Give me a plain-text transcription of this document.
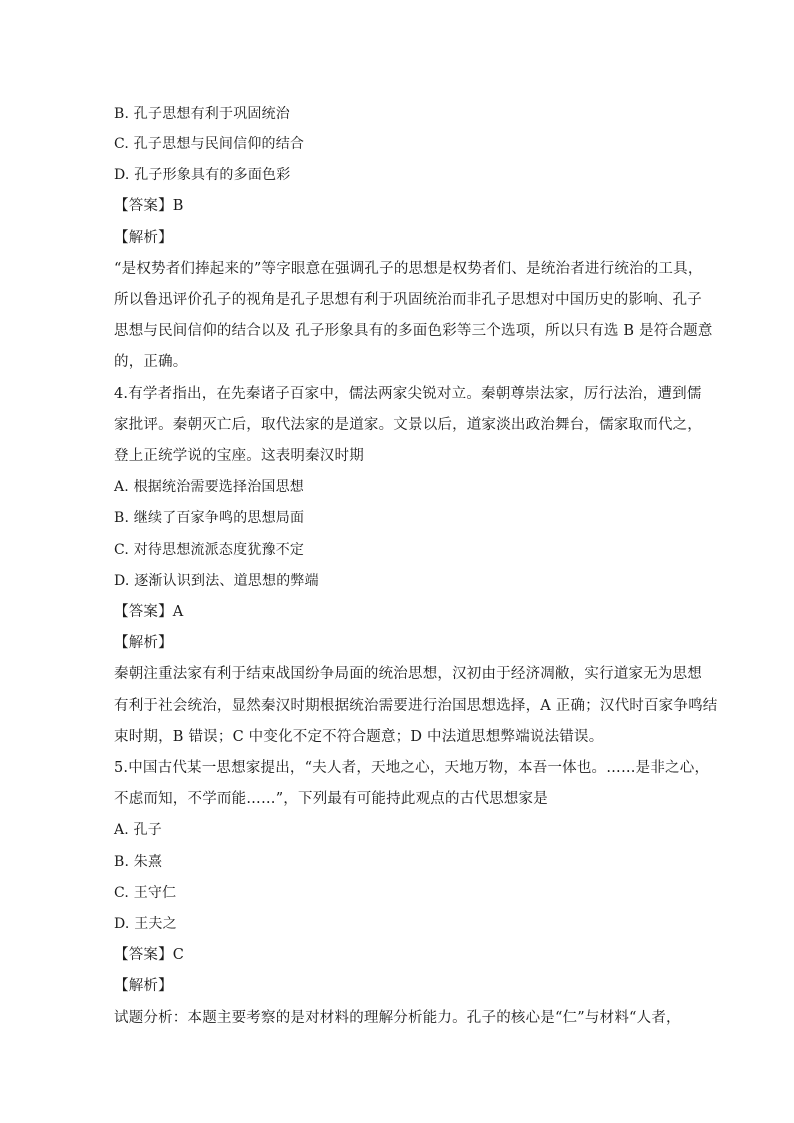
B. 孔子思想有利于巩固统治
C. 孔子思想与民间信仰的结合
D. 孔子形象具有的多面色彩
【答案】B
【解析】
“是权势者们捧起来的”等字眼意在强调孔子的思想是权势者们、是统治者进行统治的工具，
所以鲁迅评价孔子的视角是孔子思想有利于巩固统治而非孔子思想对中国历史的影响、孔子
思想与民间信仰的结合以及 孔子形象具有的多面色彩等三个选项，所以只有选 B 是符合题意
的，正确。
4.有学者指出，在先秦诸子百家中，儒法两家尖锐对立。秦朝尊崇法家，厉行法治，遭到儒
家批评。秦朝灭亡后，取代法家的是道家。文景以后，道家淡出政治舞台，儒家取而代之，
登上正统学说的宝座。这表明秦汉时期
A. 根据统治需要选择治国思想
B. 继续了百家争鸣的思想局面
C. 对待思想流派态度犹豫不定
D. 逐渐认识到法、道思想的弊端
【答案】A
【解析】
秦朝注重法家有利于结束战国纷争局面的统治思想，汉初由于经济凋敝，实行道家无为思想
有利于社会统治，显然秦汉时期根据统治需要进行治国思想选择，A 正确；汉代时百家争鸣结
束时期，B 错误；C 中变化不定不符合题意；D 中法道思想弊端说法错误。
5.中国古代某一思想家提出，“夫人者，天地之心，天地万物，本吾一体也。……是非之心，
不虑而知，不学而能……”，下列最有可能持此观点的古代思想家是
A. 孔子
B. 朱熹
C. 王守仁
D. 王夫之
【答案】C
【解析】
试题分析：本题主要考察的是对材料的理解分析能力。孔子的核心是“仁”与材料“人者，
